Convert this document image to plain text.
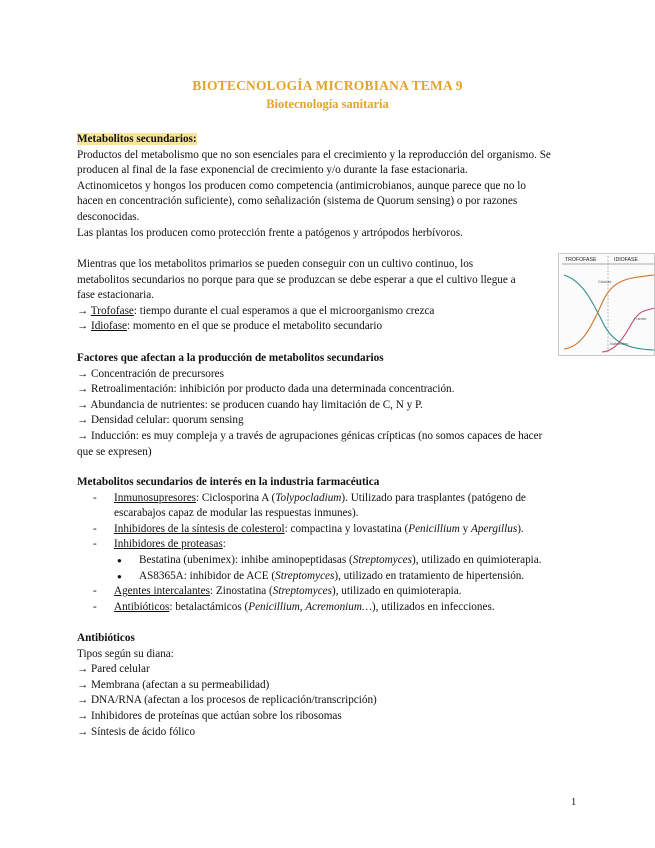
BIOTECNOLOGÍA MICROBIANA TEMA 9
Biotecnología sanitaria

Metabolitos secundarios:

Productos del metabolismo que no son esenciales para el crecimiento y la reproducción del organismo. Se

producen al final de la fase exponencial de crecimiento y/o durante la fase estacionaria.

Actinomicetos y hongos los producen como competencia (antimicrobianos, aunque parece que no lo

hacen en concentración suficiente), como señalización (sistema de Quorum sensing) o por razones

desconocidas.

Las plantas los producen como protección frente a patógenos y artrópodos herbívoros.

Mientras que los metabolitos primarios se pueden conseguir con un cultivo continuo, los

metabolitos secundarios no porque para que se produzcan se debe esperar a que el cultivo llegue a

fase estacionaria.

→ Trofofase: tiempo durante el cual esperamos a que el microorganismo crezca

→ Idiofase: momento en el que se produce el metabolito secundario

TROFOFASE	IDIOFASE
Células
Fuente
Nutrientes

Factores que afectan a la producción de metabolitos secundarios

→ Concentración de precursores

→ Retroalimentación: inhibición por producto dada una determinada concentración.

→ Abundancia de nutrientes: se producen cuando hay limitación de C, N y P.

→ Densidad celular: quorum sensing

→ Inducción: es muy compleja y a través de agrupaciones génicas crípticas (no somos capaces de hacer

que se expresen)

Metabolitos secundarios de interés en la industria farmacéutica

- Inmunosupresores: Ciclosporina A (Tolypocladium). Utilizado para trasplantes (patógeno de
escarabajos capaz de modular las respuestas inmunes).
- Inhibidores de la síntesis de colesterol: compactina y lovastatina (Penicillium y Apergillus).
- Inhibidores de proteasas:
● Bestatina (ubenimex): inhibe aminopeptidasas (Streptomyces), utilizado en quimioterapia.
● AS8365A: inhibidor de ACE (Streptomyces), utilizado en tratamiento de hipertensión.
- Agentes intercalantes: Zinostatina (Streptomyces), utilizado en quimioterapia.
- Antibióticos: betalactámicos (Penicillium, Acremonium…), utilizados en infecciones.

Antibióticos

Tipos según su diana:

→ Pared celular

→ Membrana (afectan a su permeabilidad)

→ DNA/RNA (afectan a los procesos de replicación/transcripción)

→ Inhibidores de proteínas que actúan sobre los ribosomas

→ Síntesis de ácido fólico

1
